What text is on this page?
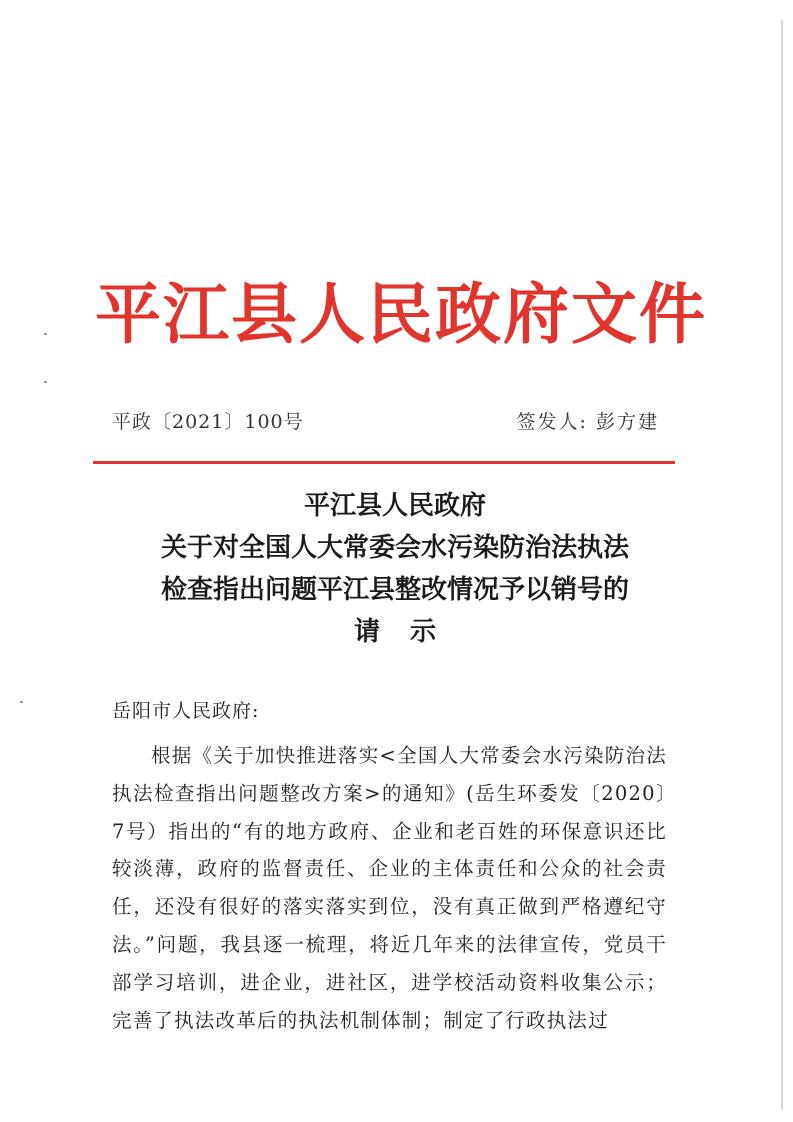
平江县人民政府文件
平政〔2021〕100号	签发人: 彭方建
平江县人民政府
关于对全国人大常委会水污染防治法执法
检查指出问题平江县整改情况予以销号的
请示
岳阳市人民政府:

根据《关于加快推进落实<全国人大常委会水污染防治法执法检查指出问题整改方案>的通知》(岳生环委发〔2020〕7号）指出的“有的地方政府、企业和老百姓的环保意识还比较淡薄，政府的监督责任、企业的主体责任和公众的社会责任，还没有很好的落实落实到位，没有真正做到严格遵纪守法。”问题，我县逐一梳理，将近几年来的法律宣传，党员干部学习培训，进企业，进社区，进学校活动资料收集公示；完善了执法改革后的执法机制体制；制定了行政执法过
